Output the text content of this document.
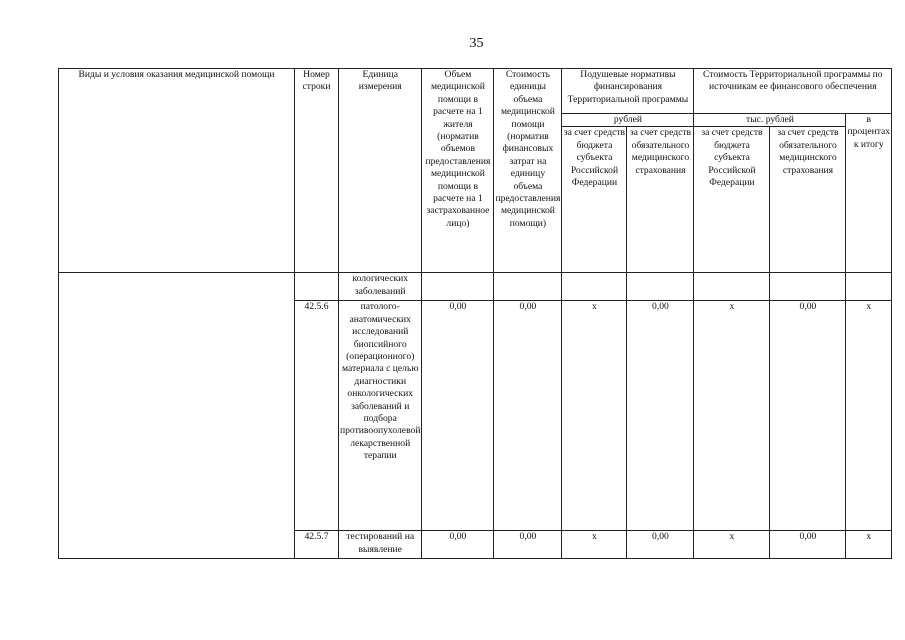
35
Виды и условия оказания медицинской помощи	Номер строки	Единица измерения	Объем медицинской помощи в расчете на 1 жителя (норматив объемов предоставления медицинской помощи в расчете на 1 застрахованное лицо)	Стоимость единицы объема медицинской помощи (норматив финансовых затрат на единицу объема предоставления медицинской помощи)	Подушевые нормативы финансирования Территориальной программы		Стоимость Территориальной программы по источникам ее финансового обеспечения		
					рублей		тыс. рублей		в процентах к итогу
					за счет средств бюджета субъекта Российской Федерации	за счет средств обязательного медицинского страхования	за счет средств бюджета субъекта Российской Федерации	за счет средств обязательного медицинского страхования	
		кологических заболеваний							
	42.5.6	патолого-анатомических исследований биопсийного (операционного) материала с целью диагностики онкологических заболеваний и подбора противоопухолевой лекарственной терапии	0,00	0,00	х	0,00	х	0,00	х
	42.5.7	тестирований на выявление	0,00	0,00	х	0,00	х	0,00	х
